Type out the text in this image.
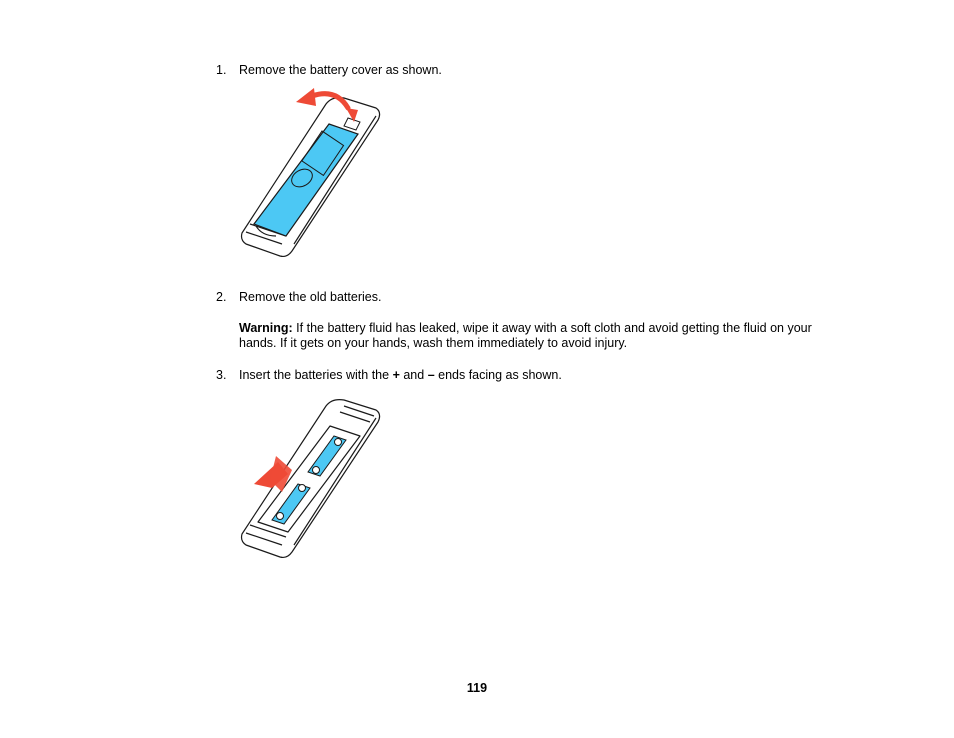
1. Remove the battery cover as shown.
2. Remove the old batteries.
Warning: If the battery fluid has leaked, wipe it away with a soft cloth and avoid getting the fluid on your hands. If it gets on your hands, wash them immediately to avoid injury.
3. Insert the batteries with the + and – ends facing as shown.
119
